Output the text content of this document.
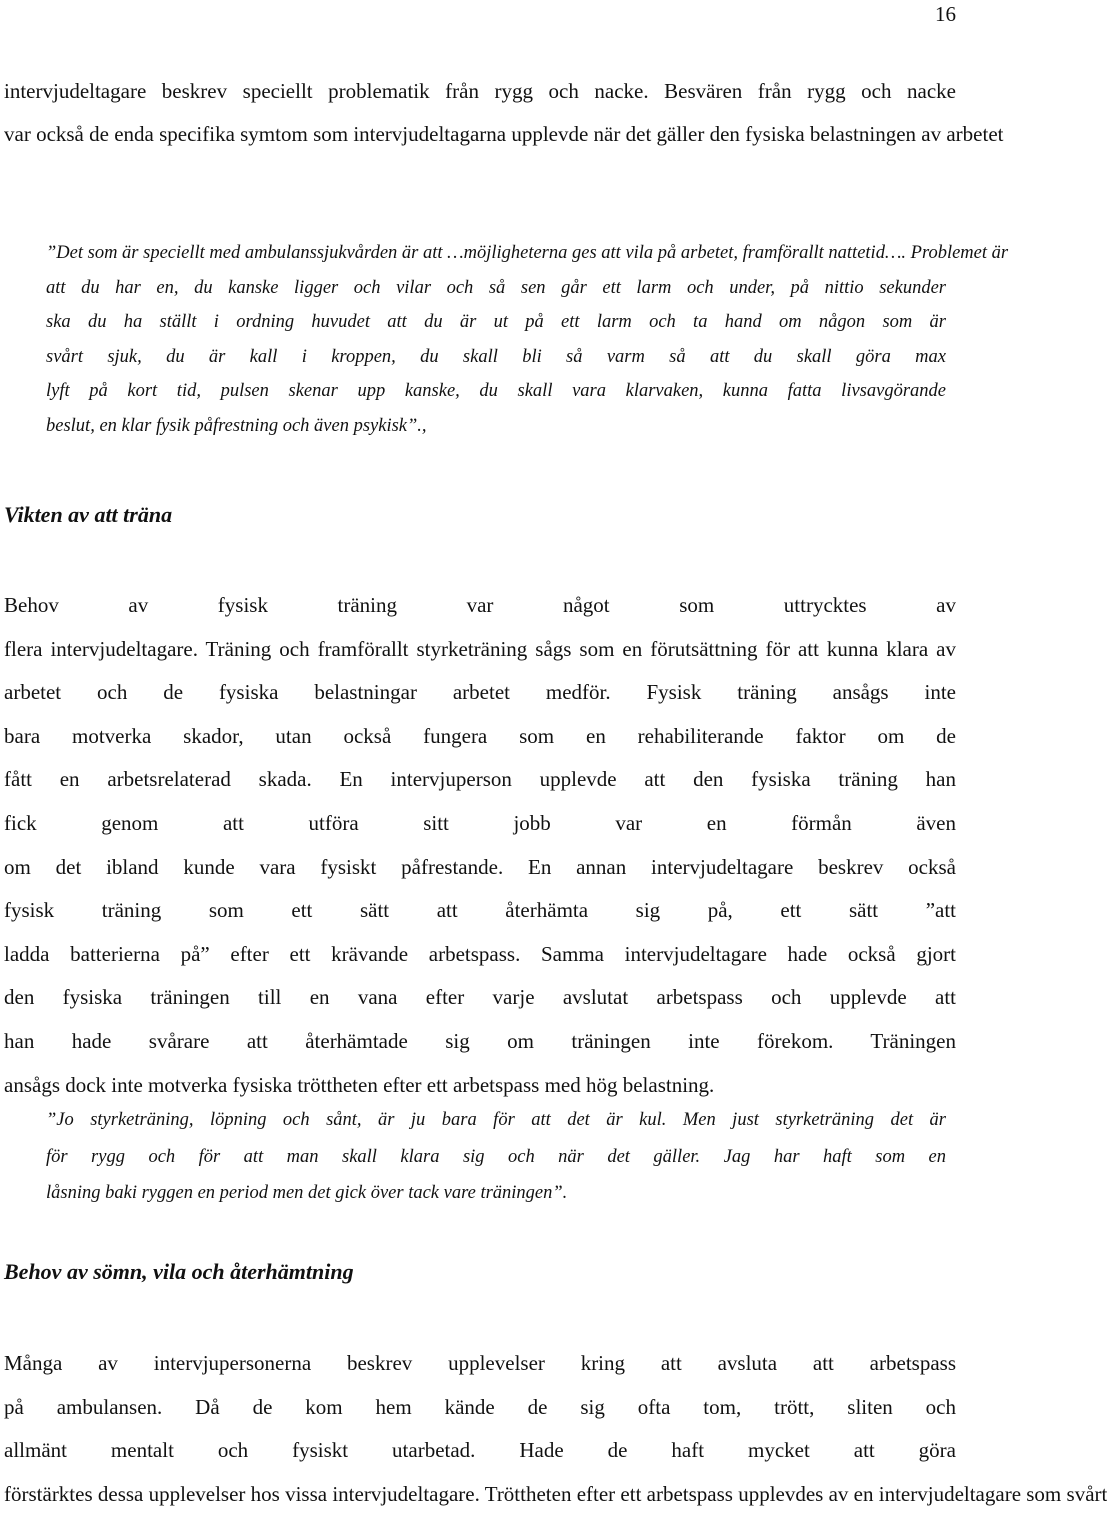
16
intervjudeltagare beskrev speciellt problematik från rygg och nacke. Besvären från rygg och nacke
var också de enda specifika symtom som intervjudeltagarna upplevde när det gäller den fysiska belastningen av arbetet
”Det som är speciellt med ambulanssjukvården är att …möjligheterna ges att vila på arbetet, framförallt nattetid…. Problemet är
att du har en, du kanske ligger och vilar och så sen går ett larm och under, på nittio sekunder
ska du ha ställt i ordning huvudet att du är ut på ett larm och ta hand om någon som är
svårt sjuk, du är kall i kroppen, du skall bli så varm så att du skall göra max
lyft på kort tid, pulsen skenar upp kanske, du skall vara klarvaken, kunna fatta livsavgörande
beslut, en klar fysik påfrestning och även psykisk”.,
Vikten av att träna
Behov av fysisk träning var något som uttrycktes av
flera intervjudeltagare. Träning och framförallt styrketräning sågs som en förutsättning för att kunna klara av
arbetet och de fysiska belastningar arbetet medför. Fysisk träning ansågs inte
bara motverka skador, utan också fungera som en rehabiliterande faktor om de
fått en arbetsrelaterad skada. En intervjuperson upplevde att den fysiska träning han
fick genom att utföra sitt jobb var en förmån även
om det ibland kunde vara fysiskt påfrestande. En annan intervjudeltagare beskrev också
fysisk träning som ett sätt att återhämta sig på, ett sätt ”att
ladda batterierna på” efter ett krävande arbetspass. Samma intervjudeltagare hade också gjort
den fysiska träningen till en vana efter varje avslutat arbetspass och upplevde att
han hade svårare att återhämtade sig om träningen inte förekom. Träningen
ansågs dock inte motverka fysiska tröttheten efter ett arbetspass med hög belastning.
”Jo styrketräning, löpning och sånt, är ju bara för att det är kul. Men just styrketräning det är
för rygg och för att man skall klara sig och när det gäller. Jag har haft som en
låsning baki ryggen en period men det gick över tack vare träningen”.
Behov av sömn, vila och återhämtning
Många av intervjupersonerna beskrev upplevelser kring att avsluta att arbetspass
på ambulansen. Då de kom hem kände de sig ofta tom, trött, sliten och
allmänt mentalt och fysiskt utarbetad. Hade de haft mycket att göra
förstärktes dessa upplevelser hos vissa intervjudeltagare. Tröttheten efter ett arbetspass upplevdes av en intervjudeltagare som svårt
